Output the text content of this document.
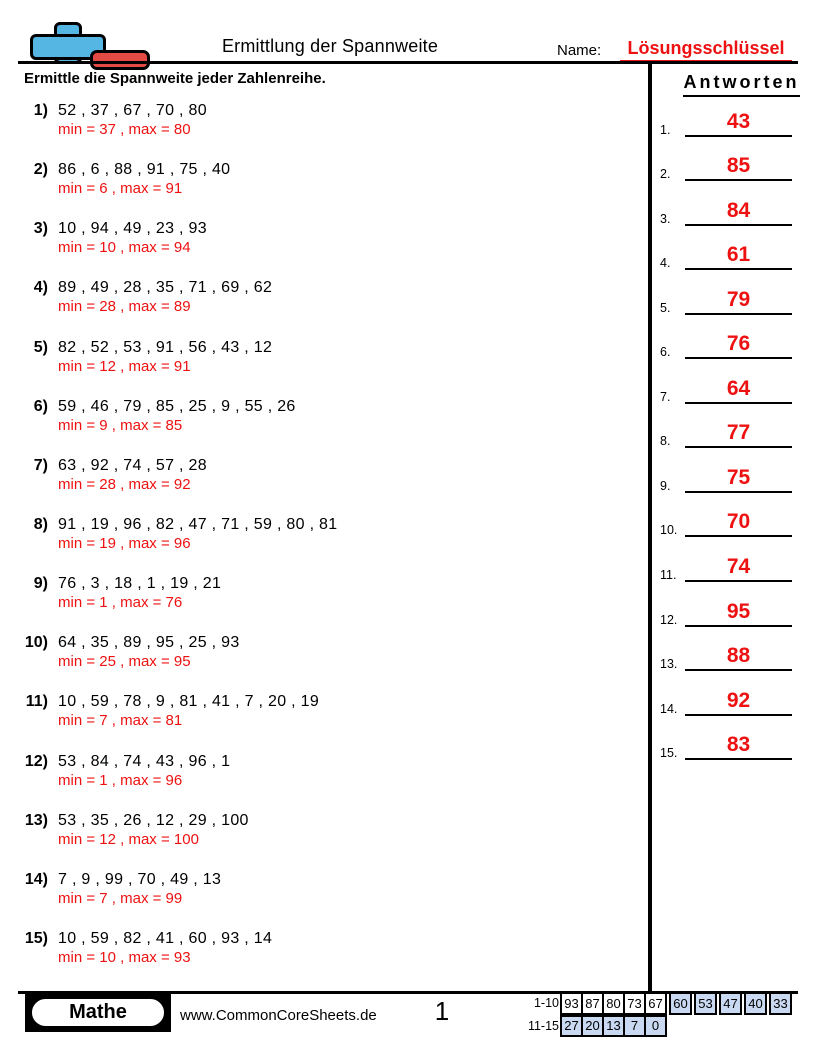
Ermittlung der Spannweite	Name:	Lösungsschlüssel
Ermittle die Spannweite jeder Zahlenreihe.
1) 52 , 37 , 67 , 70 , 80
min = 37 , max = 80
2) 86 , 6 , 88 , 91 , 75 , 40
min = 6 , max = 91
3) 10 , 94 , 49 , 23 , 93
min = 10 , max = 94
4) 89 , 49 , 28 , 35 , 71 , 69 , 62
min = 28 , max = 89
5) 82 , 52 , 53 , 91 , 56 , 43 , 12
min = 12 , max = 91
6) 59 , 46 , 79 , 85 , 25 , 9 , 55 , 26
min = 9 , max = 85
7) 63 , 92 , 74 , 57 , 28
min = 28 , max = 92
8) 91 , 19 , 96 , 82 , 47 , 71 , 59 , 80 , 81
min = 19 , max = 96
9) 76 , 3 , 18 , 1 , 19 , 21
min = 1 , max = 76
10) 64 , 35 , 89 , 95 , 25 , 93
min = 25 , max = 95
11) 10 , 59 , 78 , 9 , 81 , 41 , 7 , 20 , 19
min = 7 , max = 81
12) 53 , 84 , 74 , 43 , 96 , 1
min = 1 , max = 96
13) 53 , 35 , 26 , 12 , 29 , 100
min = 12 , max = 100
14) 7 , 9 , 99 , 70 , 49 , 13
min = 7 , max = 99
15) 10 , 59 , 82 , 41 , 60 , 93 , 14
min = 10 , max = 93
Antworten
1.	43
2.	85
3.	84
4.	61
5.	79
6.	76
7.	64
8.	77
9.	75
10.	70
11.	74
12.	95
13.	88
14.	92
15.	83
Mathe	www.CommonCoreSheets.de	1	1-10 93 87 80 73 67 60 53 47 40 33
11-15 27 20 13 7	0
